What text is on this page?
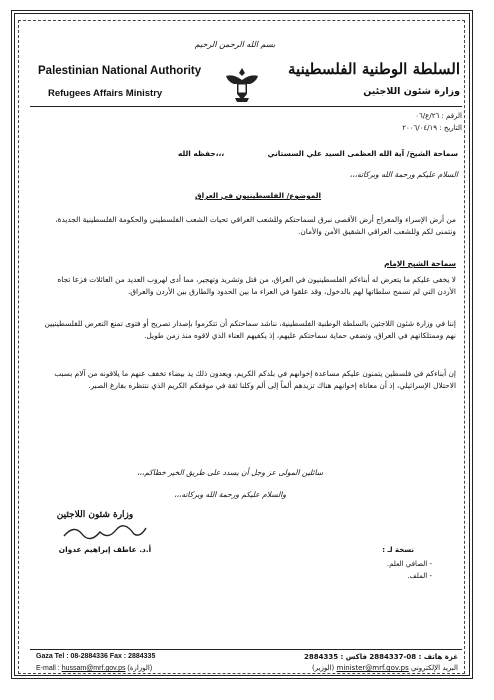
بسم الله الرحمن الرحيم
Palestinian National Authority
Refugees Affairs Ministry
السلطة الوطنية الفلسطينية
وزارة شئون اللاجئين
الرقم : ٢٦/ع/٠٦
التاريخ : ٢٠٠٦/٠٤/١٩
سماحة الشيخ/ آية الله العظمى السيد علي السستاني
حفظه الله،،،
السلام عليكم ورحمة الله وبركاته،،،
الموضوع/ الفلسطينيون في العراق
من أرض الإسراء والمعراج أرض الأقصى نبرق لسماحتكم وللشعب العراقي تحيات الشعب الفلسطيني والحكومة الفلسطينية الجديدة، ونتمنى لكم وللشعب العراقي الشقيق الأمن والأمان.
سماحة الشيخ الإمام
لا يخفى عليكم ما يتعرض له أبناءكم الفلسطينيون في العراق، من قتل وتشريد وتهجير، مما أدى لهروب العديد من العائلات فزعا تجاه الأردن التي لم تسمح سلطاتها لهم بالدخول، وقد علقوا في العراء ما بين الحدود والطارق بين الأردن والعراق.
إننا في وزارة شئون اللاجئين بالسلطة الوطنية الفلسطينية، نناشد سماحتكم أن تتكرموا بإصدار تصريح أو فتوى تمنع التعرض للفلسطينيين نهم وممتلكاتهم في العراق، وتضفي حماية سماحتكم عليهم، إذ يكفيهم العناء الذي لاقوه منذ زمن طويل.
إن أبناءكم في فلسطين يتمنون عليكم مساعدة إخوانهم في بلدكم الكريم، ويعدون ذلك يد بيضاء تخفف عنهم ما يلاقونه من آلام بسبب الاحتلال الإسرائيلي، إذ أن معاناة إخوانهم هناك تزيدهم ألماً إلى ألم وكلنا ثقة في موقفكم الكريم الذي ننتظره بفارغ الصبر.
سائلين المولى عز وجل أن يسدد على طريق الخير خطاكم،،،
والسلام عليكم ورحمة الله وبركاته،،،
وزارة شئون اللاجئين
أ.د. عاطف إبراهيم عدوان	نسخة لـ :
- الصافي العلم.
- الملف.
Gaza Tel : 08-2884336 Fax : 2884335
E-mall : hussam@mrf.gov.ps (الوزارة)
غزة هاتف : 08-2884337 فاكس : 2884335
البريد الإلكتروني minister@mrf.gov.ps (الوزير)
